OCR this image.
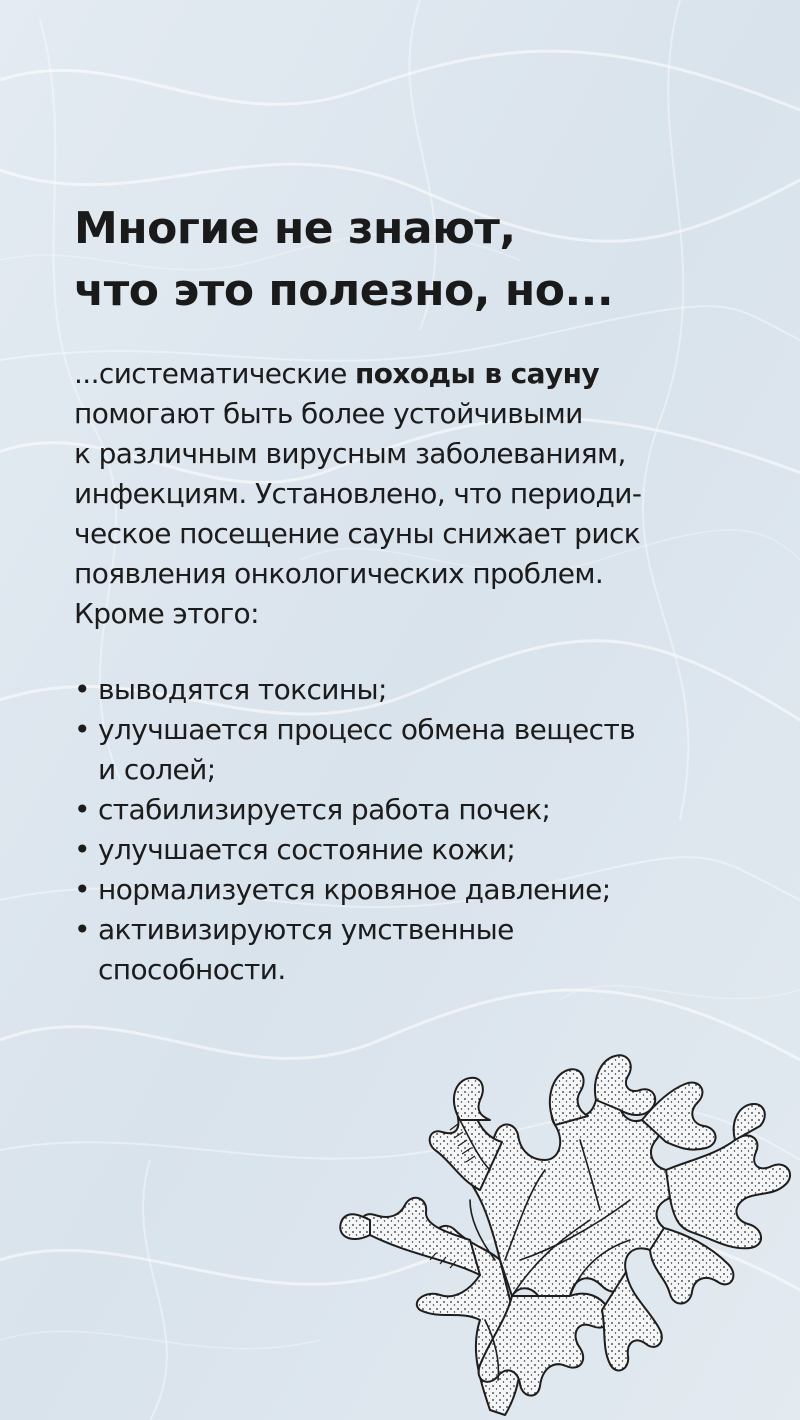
Многие не знают,
что это полезно, но...
...систематические походы в сауну
помогают быть более устойчивыми
к различным вирусным заболеваниям,
инфекциям. Установлено, что периоди-
ческое посещение сауны снижает риск
появления онкологических проблем.
Кроме этого:
• выводятся токсины;
• улучшается процесс обмена веществ
и солей;
• стабилизируется работа почек;
• улучшается состояние кожи;
• нормализуется кровяное давление;
• активизируются умственные
способности.
